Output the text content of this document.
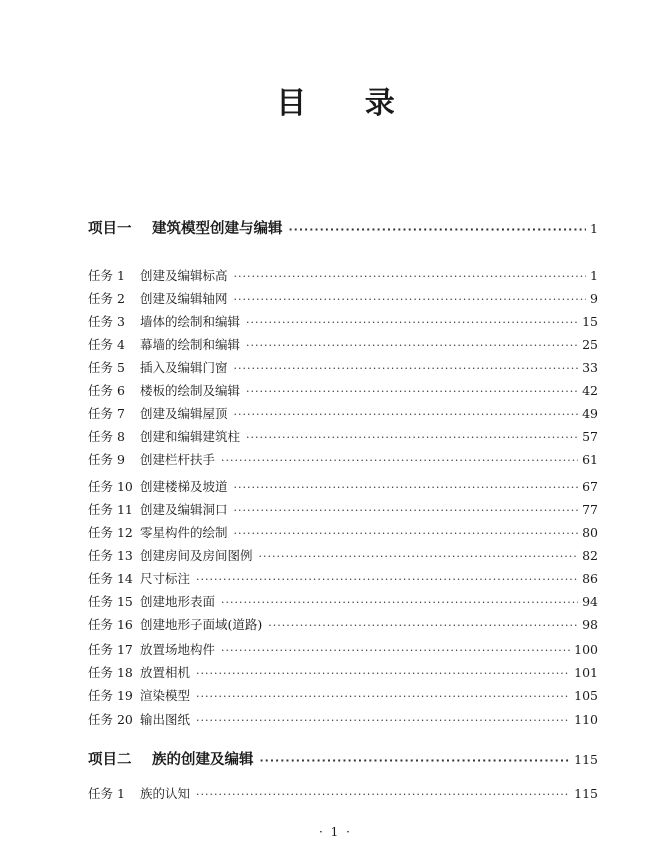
目 录
项目一	建筑模型创建与编辑 ·····	1
任务 1	创建及编辑标高 ·····	1
任务 2	创建及编辑轴网 ·····	9
任务 3	墙体的绘制和编辑 ·····	15
任务 4	幕墙的绘制和编辑 ·····	25
任务 5	插入及编辑门窗 ·····	33
任务 6	楼板的绘制及编辑 ·····	42
任务 7	创建及编辑屋顶 ·····	49
任务 8	创建和编辑建筑柱 ·····	57
任务 9	创建栏杆扶手 ·····	61
任务 10 创建楼梯及坡道 ·····	67
任务 11 创建及编辑洞口 ·····	77
任务 12 零星构件的绘制 ·····	80
任务 13 创建房间及房间图例 ·····	82
任务 14 尺寸标注 ·····	86
任务 15 创建地形表面 ·····	94
任务 16 创建地形子面域(道路) ·····	98
任务 17 放置场地构件 ·····	100
任务 18 放置相机 ·····	101
任务 19 渲染模型 ·····	105
任务 20 输出图纸 ·····	110
项目二	族的创建及编辑 ·····	115
任务 1	族的认知 ·····	115
· 1 ·
